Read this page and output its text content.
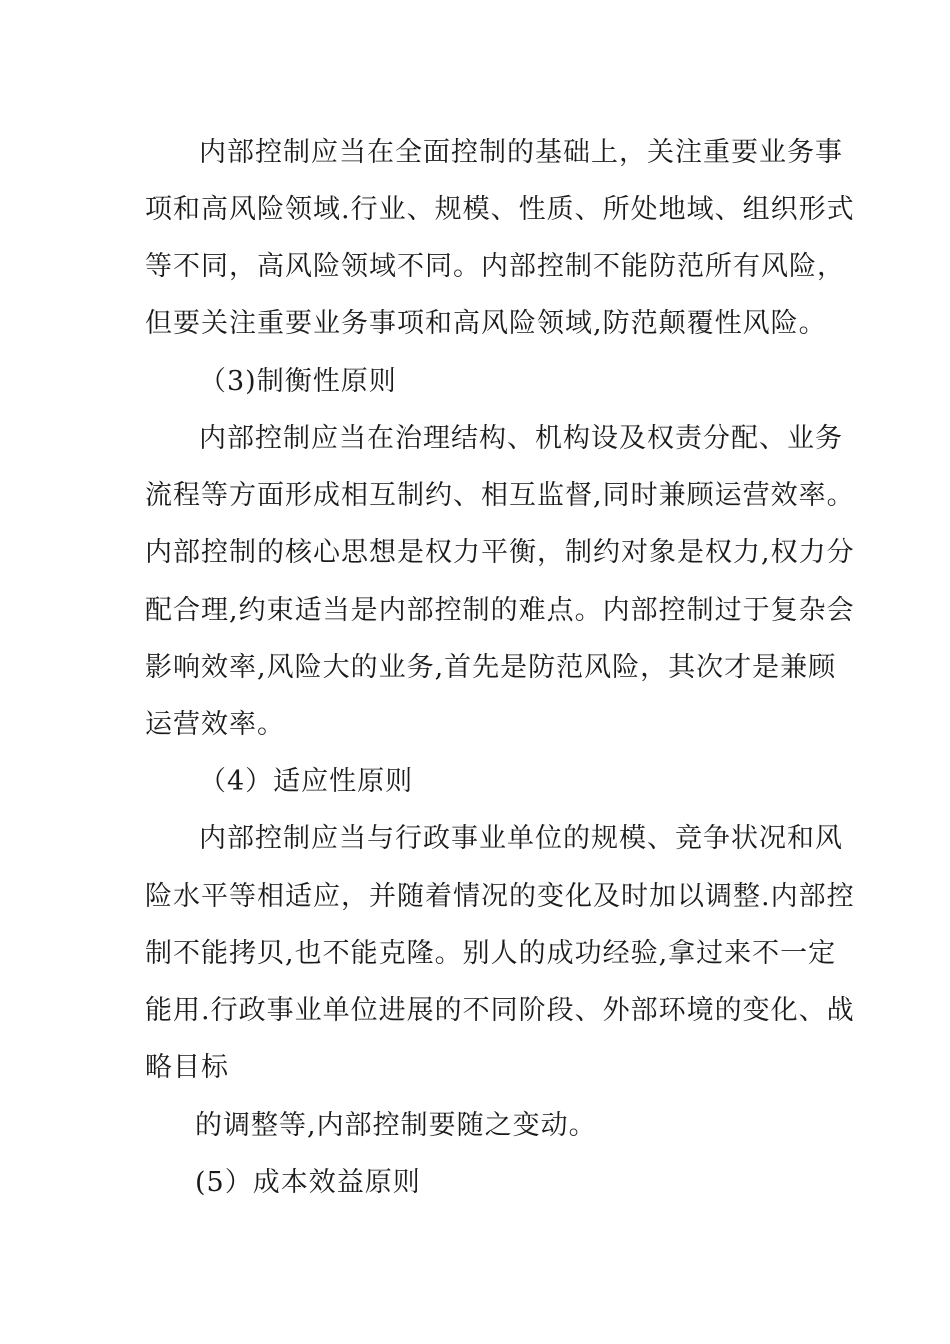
内部控制应当在全面控制的基础上，关注重要业务事
项和高风险领域.行业、规模、性质、所处地域、组织形式
等不同，高风险领域不同。内部控制不能防范所有风险，
但要关注重要业务事项和高风险领域,防范颠覆性风险。
（3)制衡性原则
内部控制应当在治理结构、机构设及权责分配、业务
流程等方面形成相互制约、相互监督,同时兼顾运营效率。
内部控制的核心思想是权力平衡，制约对象是权力,权力分
配合理,约束适当是内部控制的难点。内部控制过于复杂会
影响效率,风险大的业务,首先是防范风险，其次才是兼顾
运营效率。
（4）适应性原则
内部控制应当与行政事业单位的规模、竞争状况和风
险水平等相适应，并随着情况的变化及时加以调整.内部控
制不能拷贝,也不能克隆。别人的成功经验,拿过来不一定
能用.行政事业单位进展的不同阶段、外部环境的变化、战
略目标
的调整等,内部控制要随之变动。
(5）成本效益原则
